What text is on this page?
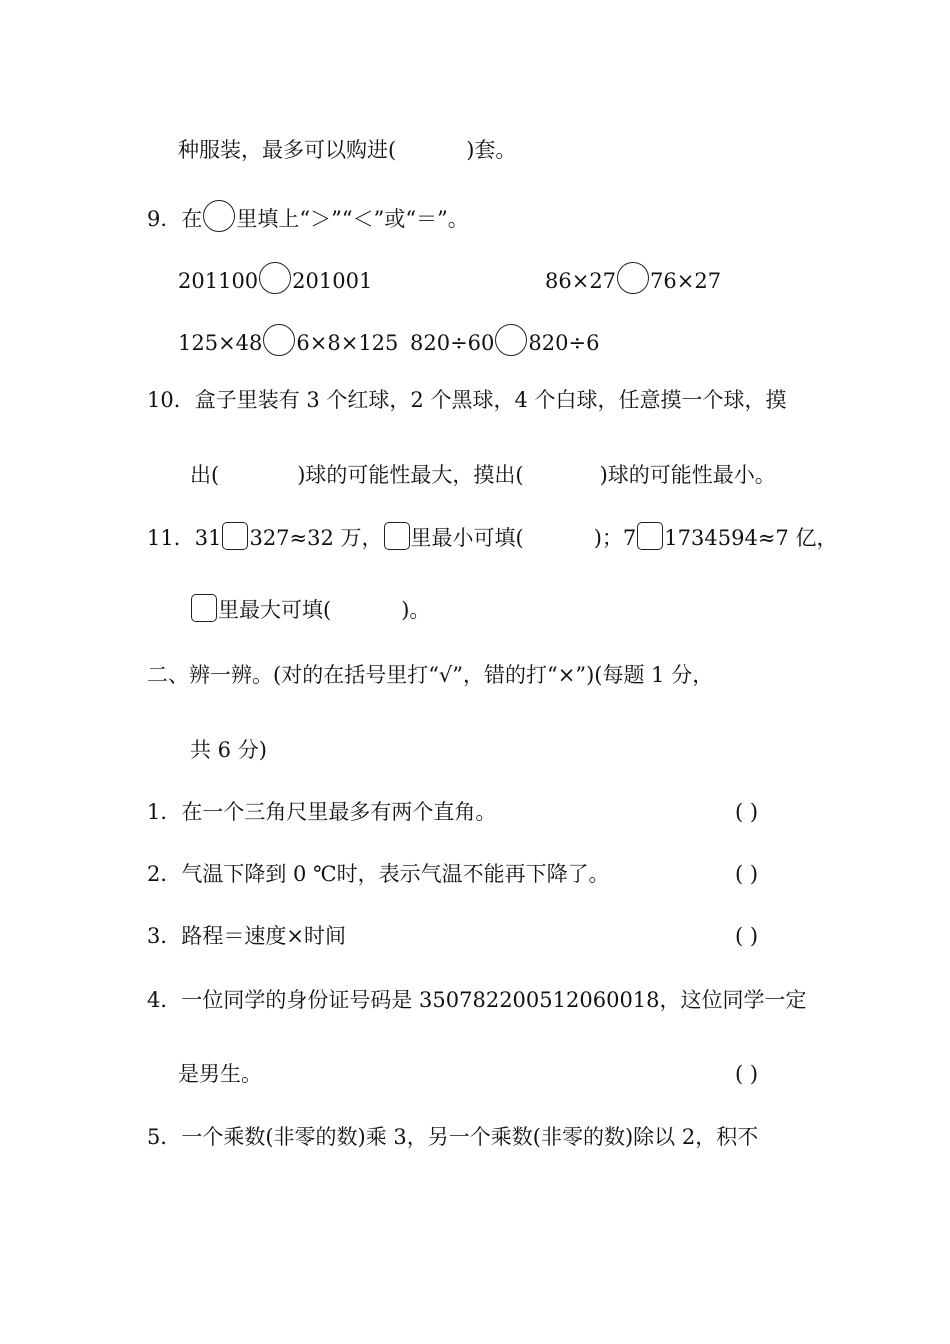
种服装，最多可以购进(	)套。
9．在 里填上“＞”“＜”或“＝”。
201100 201001	86×27 76×27
125×48 6×8×125 820÷60 820÷6
10．盒子里装有 3 个红球，2 个黑球，4 个白球，任意摸一个球，摸
出(	)球的可能性最大，摸出(	)球的可能性最小。
11．31 327≈32 万， 里最小可填(	)；7 1734594≈7 亿，
里最大可填(	)。
二、辨一辨。(对的在括号里打“√”，错的打“×”)(每题 1 分，
共 6 分)
1．在一个三角尺里最多有两个直角。	( )
2．气温下降到 0 ℃时，表示气温不能再下降了。	( )
3．路程＝速度×时间	( )
4．一位同学的身份证号码是 350782200512060018，这位同学一定
是男生。	( )
5．一个乘数(非零的数)乘 3，另一个乘数(非零的数)除以 2，积不
